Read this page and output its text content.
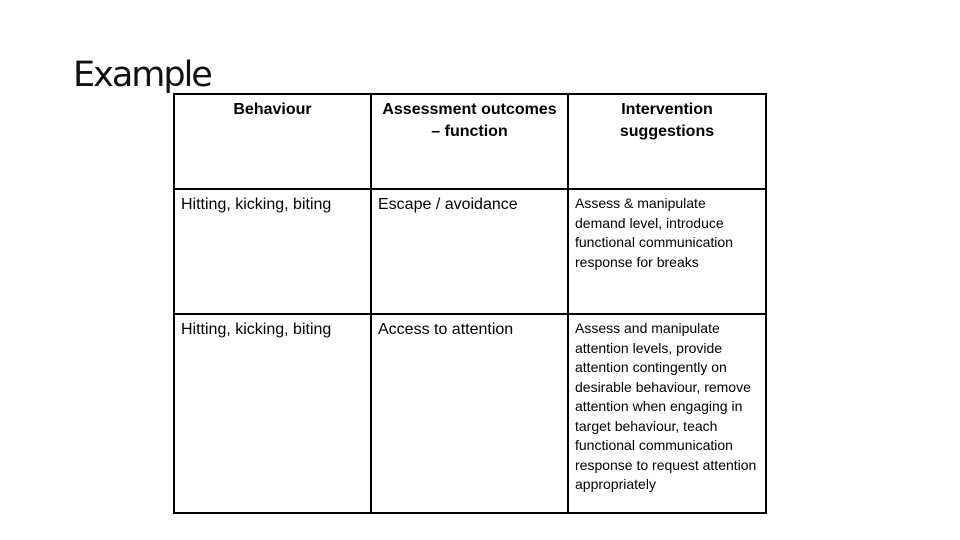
Example
Behaviour	Assessment outcomes – function	Intervention suggestions
Hitting, kicking, biting	Escape / avoidance	Assess & manipulate demand level, introduce functional communication response for breaks
Hitting, kicking, biting	Access to attention	Assess and manipulate attention levels, provide attention contingently on desirable behaviour, remove attention when engaging in target behaviour, teach functional communication response to request attention appropriately
